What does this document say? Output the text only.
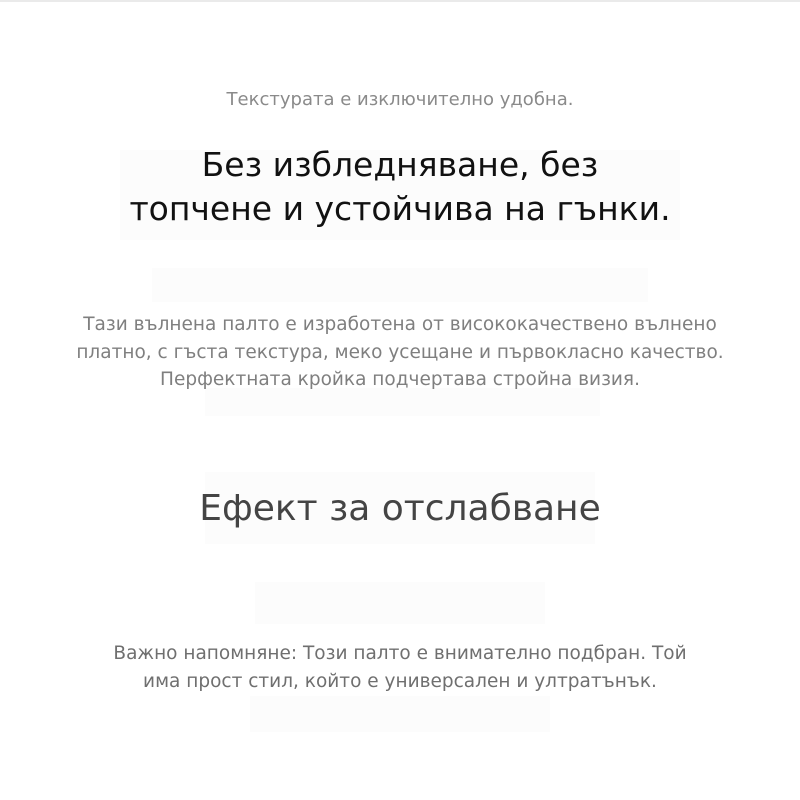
Текстурата е изключително удобна.
Без избледняване, без
топчене и устойчива на гънки.
Тази вълнена палто е изработена от висококачествено вълнено
платно, с гъста текстура, меко усещане и първокласно качество.
Перфектната кройка подчертава стройна визия.
Ефект за отслабване
Важно напомняне: Този палто е внимателно подбран. Той
има прост стил, който е универсален и ултратънък.
